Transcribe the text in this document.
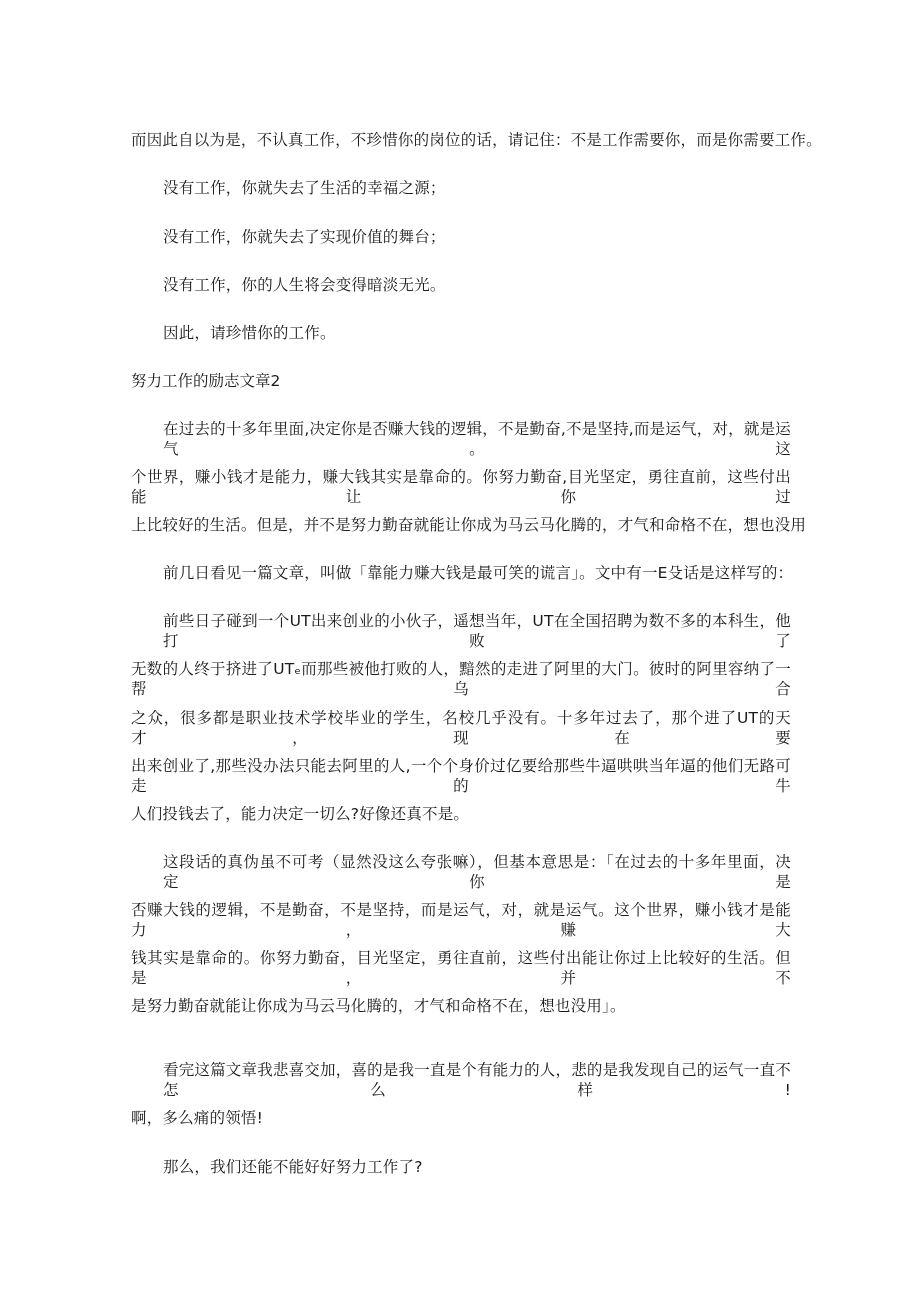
而因此自以为是，不认真工作，不珍惜你的岗位的话，请记住：不是工作需要你，而是你需要工作。
没有工作，你就失去了生活的幸福之源；
没有工作，你就失去了实现价值的舞台；
没有工作，你的人生将会变得暗淡无光。
因此，请珍惜你的工作。
努力工作的励志文章2
在过去的十多年里面,决定你是否赚大钱的逻辑，不是勤奋,不是坚持,而是运气，对，就是运气。这
个世界，赚小钱才是能力，赚大钱其实是靠命的。你努力勤奋,目光坚定，勇往直前，这些付出能让你过
上比较好的生活。但是，并不是努力勤奋就能让你成为马云马化腾的，才气和命格不在，想也没用
前几日看见一篇文章，叫做「靠能力赚大钱是最可笑的谎言」。文中有一E殳话是这样写的：
前些日子碰到一个UT出来创业的小伙子，遥想当年，UT在全国招聘为数不多的本科生，他打败了
无数的人终于挤进了UTₑ而那些被他打败的人，黯然的走进了阿里的大门。彼时的阿里容纳了一帮乌合
之众，很多都是职业技术学校毕业的学生，名校几乎没有。十多年过去了，那个进了UT的天才，现在要
出来创业了,那些没办法只能去阿里的人,一个个身价过亿要给那些牛逼哄哄当年逼的他们无路可走的牛
人们投钱去了，能力决定一切么?好像还真不是。
这段话的真伪虽不可考（显然没这么夸张嘛），但基本意思是：「在过去的十多年里面，决定你是
否赚大钱的逻辑，不是勤奋，不是坚持，而是运气，对，就是运气。这个世界，赚小钱才是能力，赚大
钱其实是靠命的。你努力勤奋，目光坚定，勇往直前，这些付出能让你过上比较好的生活。但是，并不
是努力勤奋就能让你成为马云马化腾的，才气和命格不在，想也没用」。
看完这篇文章我悲喜交加，喜的是我一直是个有能力的人，悲的是我发现自己的运气一直不怎么样!
啊，多么痛的领悟!
那么，我们还能不能好好努力工作了?
